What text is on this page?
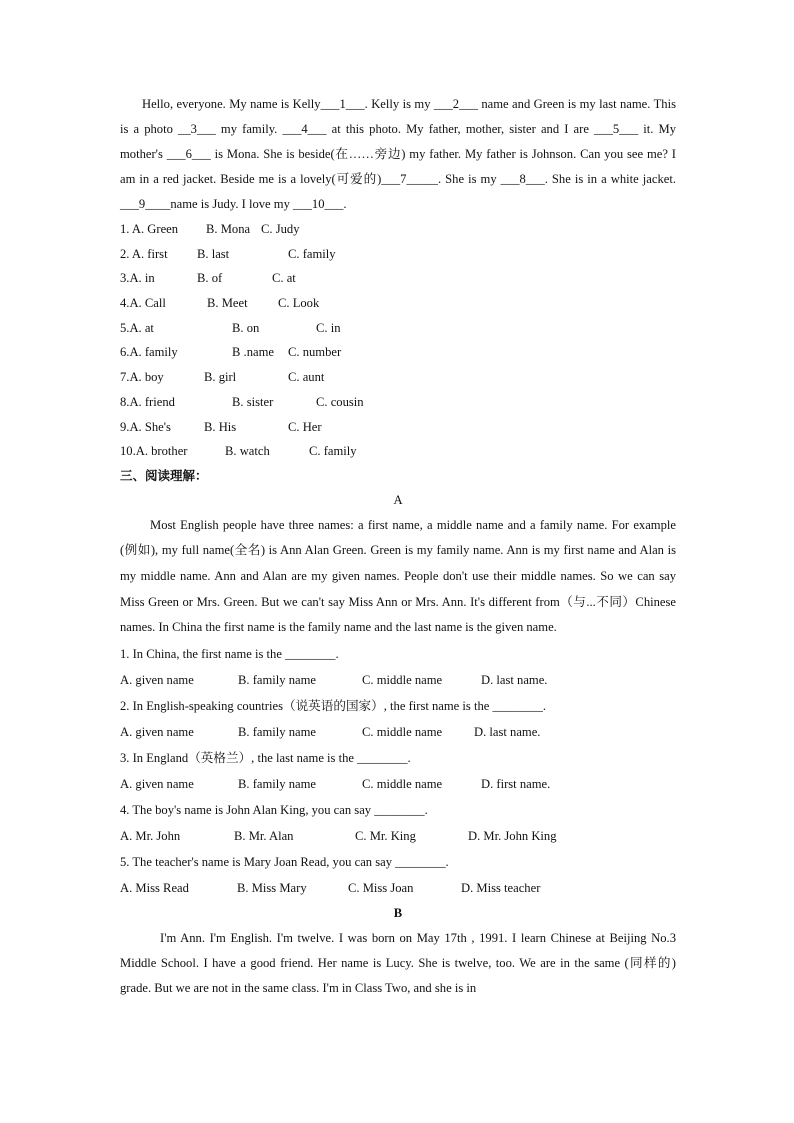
Hello, everyone. My name is Kelly___1___. Kelly is my ___2___ name and Green is my last name. This is a photo __3___ my family. ___4___ at this photo. My father, mother, sister and I are ___5___ it. My mother's ___6___ is Mona. She is beside(在……旁边) my father. My father is Johnson. Can you see me? I am in a red jacket. Beside me is a lovely(可爱的)___7_____. She is my ___8___. She is in a white jacket. ___9____name is Judy. I love my ___10___.

1. A. Green B. Mona C. Judy
2. A. first B. last	C. family
3.A. in	B. of	C. at
4.A. Call	B. Meet C. Look
5.A. at	B. on	C. in
6.A. family	B .name C. number
7.A. boy	B. girl	C. aunt
8.A. friend	B. sister	C. cousin
9.A. She's	B. His	C. Her
10.A. brother	B. watch	C. family
三、阅读理解：
A

Most English people have three names: a first name, a middle name and a family name. For example (例如), my full name(全名) is Ann Alan Green. Green is my family name. Ann is my first name and Alan is my middle name. Ann and Alan are my given names. People don't use their middle names. So we can say Miss Green or Mrs. Green. But we can't say Miss Ann or Mrs. Ann. It's different from（与...不同）Chinese names. In China the first name is the family name and the last name is the given name.

1. In China, the first name is the ________.
A. given name	B. family name	C. middle name	D. last name.
2. In English-speaking countries（说英语的国家）, the first name is the ________.
A. given name	B. family name	C. middle name	D. last name.
3. In England（英格兰）, the last name is the ________.
A. given name	B. family name	C. middle name	D. first name.
4. The boy's name is John Alan King, you can say ________.
A. Mr. John	B. Mr. Alan	C. Mr. King	D. Mr. John King
5. The teacher's name is Mary Joan Read, you can say ________.
A. Miss Read	B. Miss Mary	C. Miss Joan	D. Miss teacher
B

I'm Ann. I'm English. I'm twelve. I was born on May 17th , 1991. I learn Chinese at Beijing No.3 Middle School. I have a good friend. Her name is Lucy. She is twelve, too. We are in the same (同样的) grade. But we are not in the same class. I'm in Class Two, and she is in
